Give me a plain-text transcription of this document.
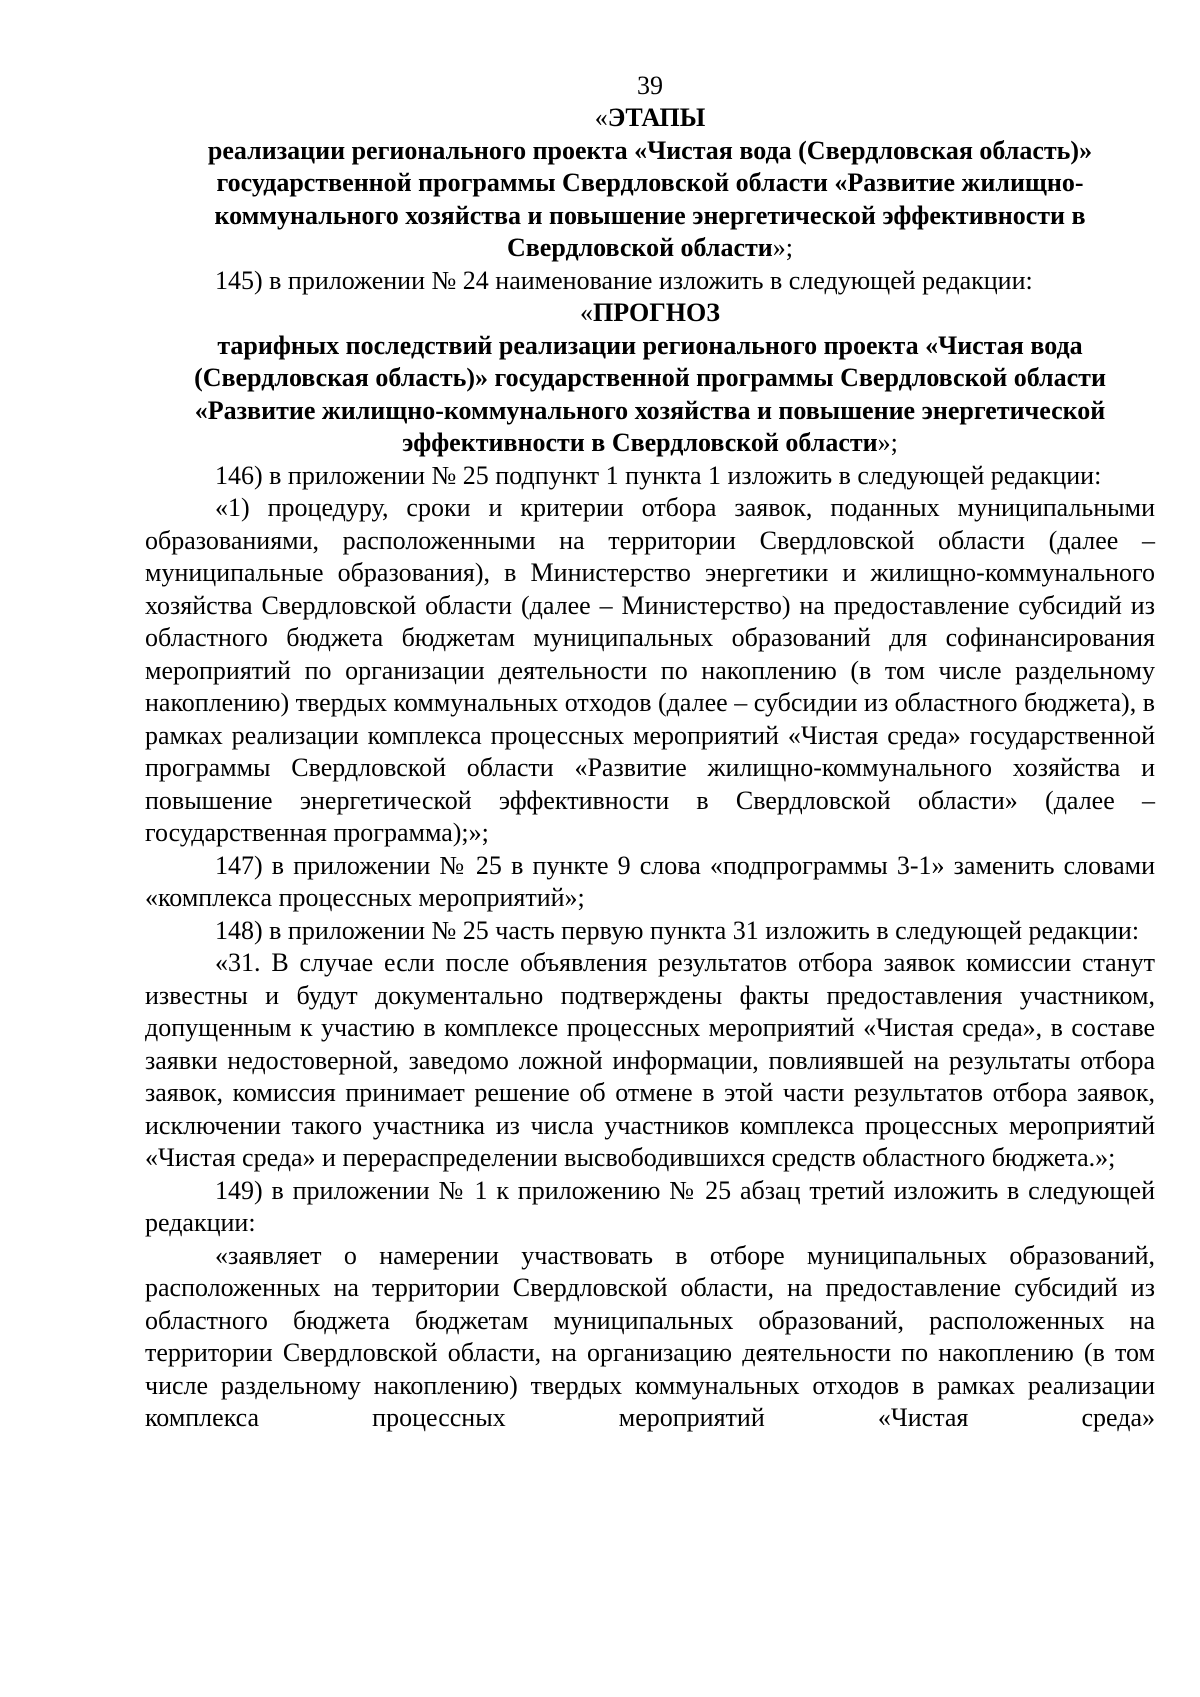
39

«ЭТАПЫ
реализации регионального проекта «Чистая вода (Свердловская область)» государственной программы Свердловской области «Развитие жилищно-коммунального хозяйства и повышение энергетической эффективности в Свердловской области»;

145) в приложении № 24 наименование изложить в следующей редакции:

«ПРОГНОЗ
тарифных последствий реализации регионального проекта «Чистая вода (Свердловская область)» государственной программы Свердловской области «Развитие жилищно-коммунального хозяйства и повышение энергетической эффективности в Свердловской области»;

146) в приложении № 25 подпункт 1 пункта 1 изложить в следующей редакции:

«1) процедуру, сроки и критерии отбора заявок, поданных муниципальными образованиями, расположенными на территории Свердловской области (далее – муниципальные образования), в Министерство энергетики и жилищно-коммунального хозяйства Свердловской области (далее – Министерство) на предоставление субсидий из областного бюджета бюджетам муниципальных образований для софинансирования мероприятий по организации деятельности по накоплению (в том числе раздельному накоплению) твердых коммунальных отходов (далее – субсидии из областного бюджета), в рамках реализации комплекса процессных мероприятий «Чистая среда» государственной программы Свердловской области «Развитие жилищно-коммунального хозяйства и повышение энергетической эффективности в Свердловской области» (далее – государственная программа);»;

147) в приложении № 25 в пункте 9 слова «подпрограммы 3-1» заменить словами «комплекса процессных мероприятий»;

148) в приложении № 25 часть первую пункта 31 изложить в следующей редакции:

«31. В случае если после объявления результатов отбора заявок комиссии станут известны и будут документально подтверждены факты предоставления участником, допущенным к участию в комплексе процессных мероприятий «Чистая среда», в составе заявки недостоверной, заведомо ложной информации, повлиявшей на результаты отбора заявок, комиссия принимает решение об отмене в этой части результатов отбора заявок, исключении такого участника из числа участников комплекса процессных мероприятий «Чистая среда» и перераспределении высвободившихся средств областного бюджета.»;

149) в приложении № 1 к приложению № 25 абзац третий изложить в следующей редакции:

«заявляет о намерении участвовать в отборе муниципальных образований, расположенных на территории Свердловской области, на предоставление субсидий из областного бюджета бюджетам муниципальных образований, расположенных на территории Свердловской области, на организацию деятельности по накоплению (в том числе раздельному накоплению) твердых коммунальных отходов в рамках реализации комплекса процессных мероприятий «Чистая среда»
